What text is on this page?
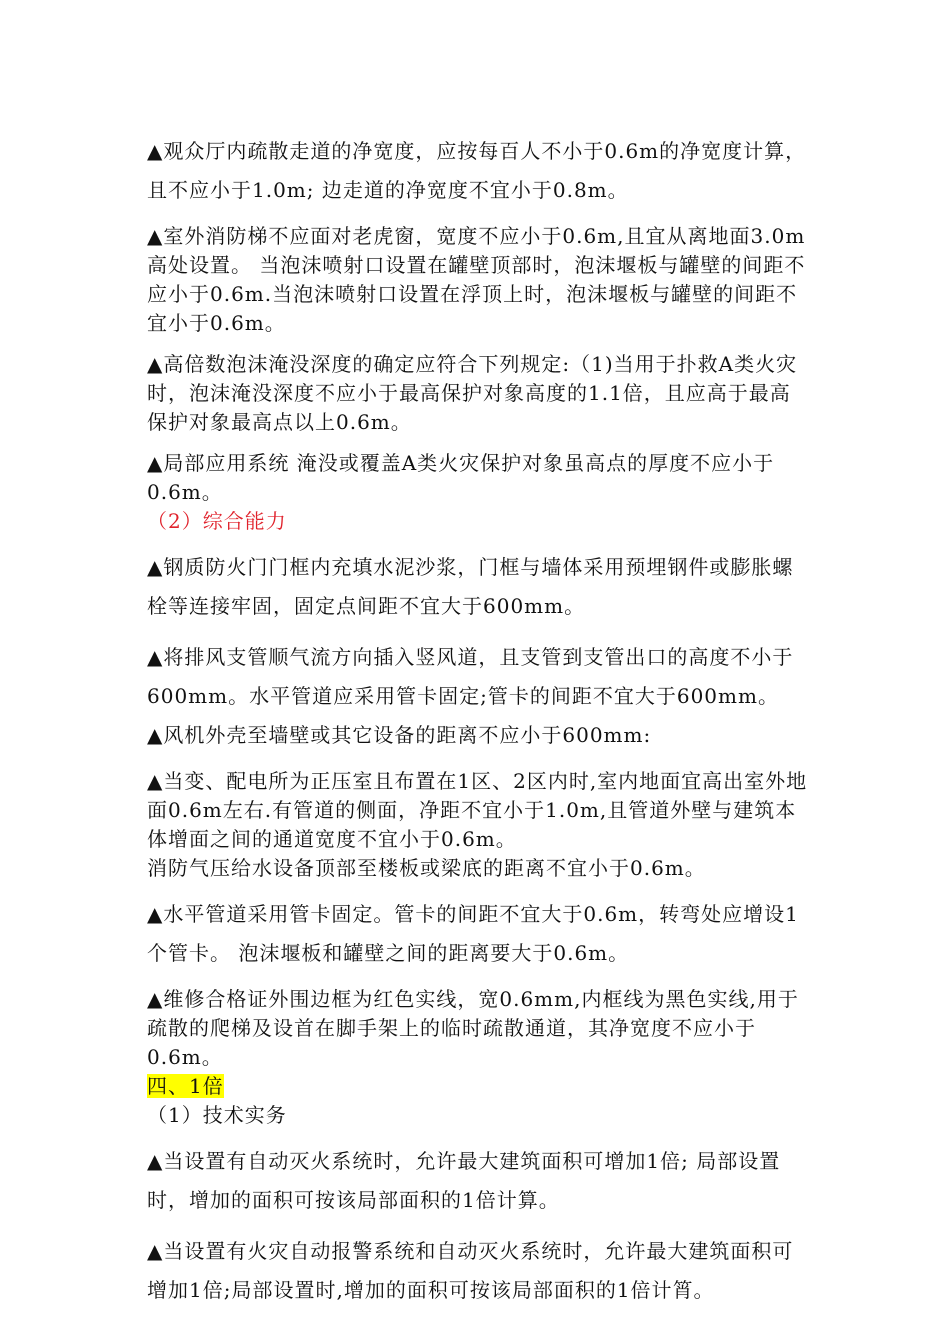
▲观众厅内疏散走道的净宽度，应按每百人不小于0.6m的净宽度计算，且不应小于1.0m; 边走道的净宽度不宜小于0.8m。

▲室外消防梯不应面对老虎窗，宽度不应小于0.6m,且宜从离地面3.0m高处设置。 当泡沫喷射口设置在罐壁顶部时，泡沫堰板与罐壁的间距不应小于0.6m.当泡沫喷射口设置在浮顶上时，泡沫堰板与罐壁的间距不宜小于0.6m。

▲高倍数泡沫淹没深度的确定应符合下列规定:（1)当用于扑救A类火灾时，泡沫淹没深度不应小于最高保护对象高度的1.1倍，且应高于最高保护对象最高点以上0.6m。

▲局部应用系统 淹没或覆盖A类火灾保护对象虽高点的厚度不应小于0.6m。

（2）综合能力

▲钢质防火门门框内充填水泥沙浆，门框与墙体采用预埋钢件或膨胀螺栓等连接牢固，固定点间距不宜大于600mm。

▲将排风支管顺气流方向插入竖风道，且支管到支管出口的高度不小于600mm。水平管道应采用管卡固定;管卡的间距不宜大于600mm。

▲风机外壳至墙壁或其它设备的距离不应小于600mm:

▲当变、配电所为正压室且布置在1区、2区内时,室内地面宜高出室外地面0.6m左右.有管道的侧面，净距不宜小于1.0m,且管道外壁与建筑本体增面之间的通道宽度不宜小于0.6m。

消防气压给水设备顶部至楼板或梁底的距离不宜小于0.6m。

▲水平管道采用管卡固定。管卡的间距不宜大于0.6m，转弯处应增设1个管卡。 泡沫堰板和罐壁之间的距离要大于0.6m。

▲维修合格证外围边框为红色实线，宽0.6mm,内框线为黑色实线,用于疏散的爬梯及设首在脚手架上的临时疏散通道，其净宽度不应小于0.6m。

四、1倍

（1）技术实务

▲当设置有自动灭火系统时，允许最大建筑面积可增加1倍; 局部设置时，增加的面积可按该局部面积的1倍计算。

▲当设置有火灾自动报警系统和自动灭火系统时，允许最大建筑面积可增加1倍;局部设置时,增加的面积可按该局部面积的1倍计筲。
